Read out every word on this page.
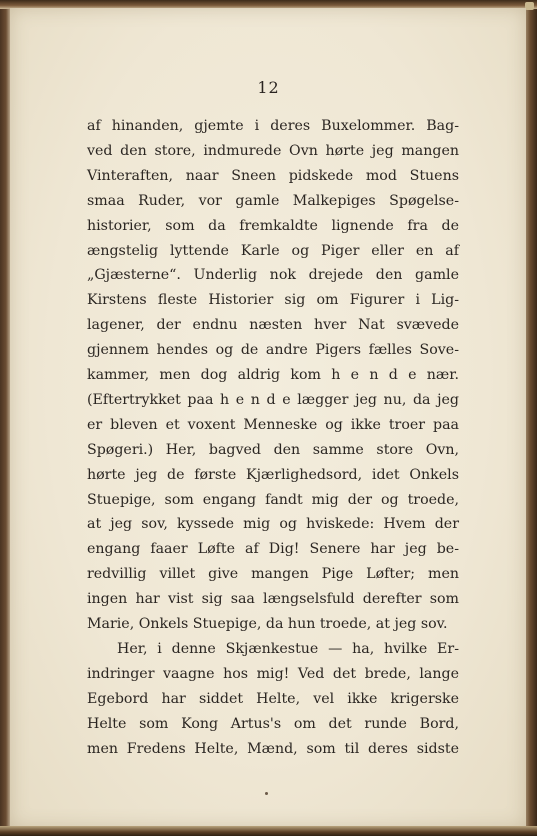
12
af hinanden, gjemte i deres Buxelommer. Bag-
ved den store, indmurede Ovn hørte jeg mangen
Vinteraften, naar Sneen pidskede mod Stuens
smaa Ruder, vor gamle Malkepiges Spøgelse-
historier, som da fremkaldte lignende fra de
ængstelig lyttende Karle og Piger eller en af
„Gjæsterne“. Underlig nok drejede den gamle
Kirstens fleste Historier sig om Figurer i Lig-
lagener, der endnu næsten hver Nat svævede
gjennem hendes og de andre Pigers fælles Sove-
kammer, men dog aldrig kom h e n d e nær.
(Eftertrykket paa h e n d e lægger jeg nu, da jeg
er bleven et voxent Menneske og ikke troer paa
Spøgeri.) Her, bagved den samme store Ovn,
hørte jeg de første Kjærlighedsord, idet Onkels
Stuepige, som engang fandt mig der og troede,
at jeg sov, kyssede mig og hviskede: Hvem der
engang faaer Løfte af Dig! Senere har jeg be-
redvillig villet give mangen Pige Løfter; men
ingen har vist sig saa længselsfuld derefter som
Marie, Onkels Stuepige, da hun troede, at jeg sov.
Her, i denne Skjænkestue — ha, hvilke Er-
indringer vaagne hos mig! Ved det brede, lange
Egebord har siddet Helte, vel ikke krigerske
Helte som Kong Artus's om det runde Bord,
men Fredens Helte, Mænd, som til deres sidste
